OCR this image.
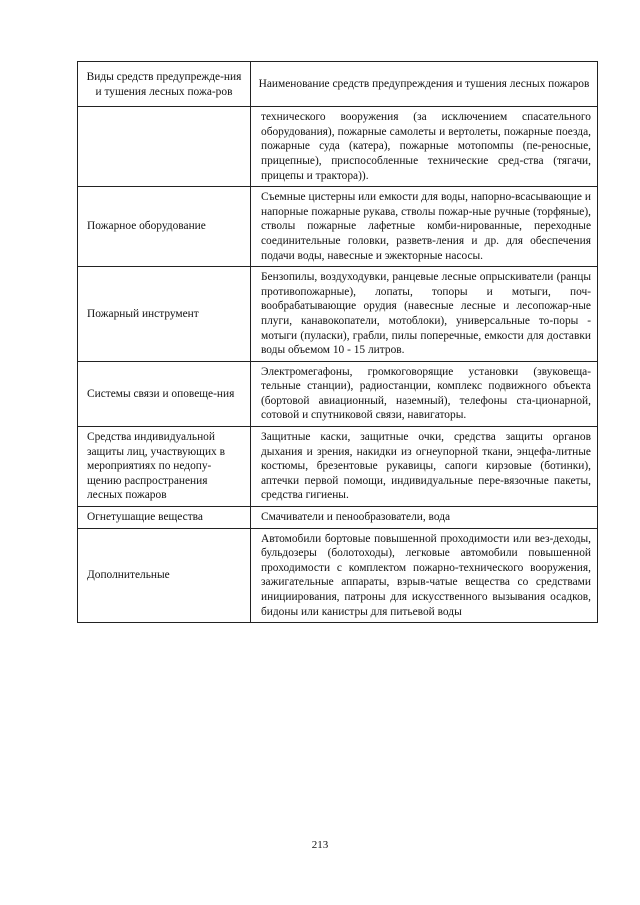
Виды средств предупрежде-ния и тушения лесных пожа-ров	Наименование средств предупреждения и тушения лесных пожаров
	технического вооружения (за исключением спасательного оборудования), пожарные самолеты и вертолеты, пожарные поезда, пожарные суда (катера), пожарные мотопомпы (пе-реносные, прицепные), приспособленные технические сред-ства (тягачи, прицепы и трактора)).
Пожарное оборудование	Съемные цистерны или емкости для воды, напорно-всасывающие и напорные пожарные рукава, стволы пожар-ные ручные (торфяные), стволы пожарные лафетные комби-нированные, переходные соединительные головки, разветв-ления и др. для обеспечения подачи воды, навесные и эжекторные насосы.
Пожарный инструмент	Бензопилы, воздуходувки, ранцевые лесные опрыскиватели (ранцы противопожарные), лопаты, топоры и мотыги, поч-вообрабатывающие орудия (навесные лесные и лесопожар-ные плуги, канавокопатели, мотоблоки), универсальные то-поры - мотыги (пуласки), грабли, пилы поперечные, емкости для доставки воды объемом 10 - 15 литров.
Системы связи и оповеще-ния	Электромегафоны, громкоговорящие установки (звуковеща-тельные станции), радиостанции, комплекс подвижного объекта (бортовой авиационный, наземный), телефоны ста-ционарной, сотовой и спутниковой связи, навигаторы.
Средства индивидуальной защиты лиц, участвующих в мероприятиях по недопу-щению распространения лесных пожаров	Защитные каски, защитные очки, средства защиты органов дыхания и зрения, накидки из огнеупорной ткани, энцефа-литные костюмы, брезентовые рукавицы, сапоги кирзовые (ботинки), аптечки первой помощи, индивидуальные пере-вязочные пакеты, средства гигиены.
Огнетушащие вещества	Смачиватели и пенообразователи, вода
Дополнительные	Автомобили бортовые повышенной проходимости или вез-деходы, бульдозеры (болотоходы), легковые автомобили повышенной проходимости с комплектом пожарно-технического вооружения, зажигательные аппараты, взрыв-чатые вещества со средствами инициирования, патроны для искусственного вызывания осадков, бидоны или канистры для питьевой воды
213
